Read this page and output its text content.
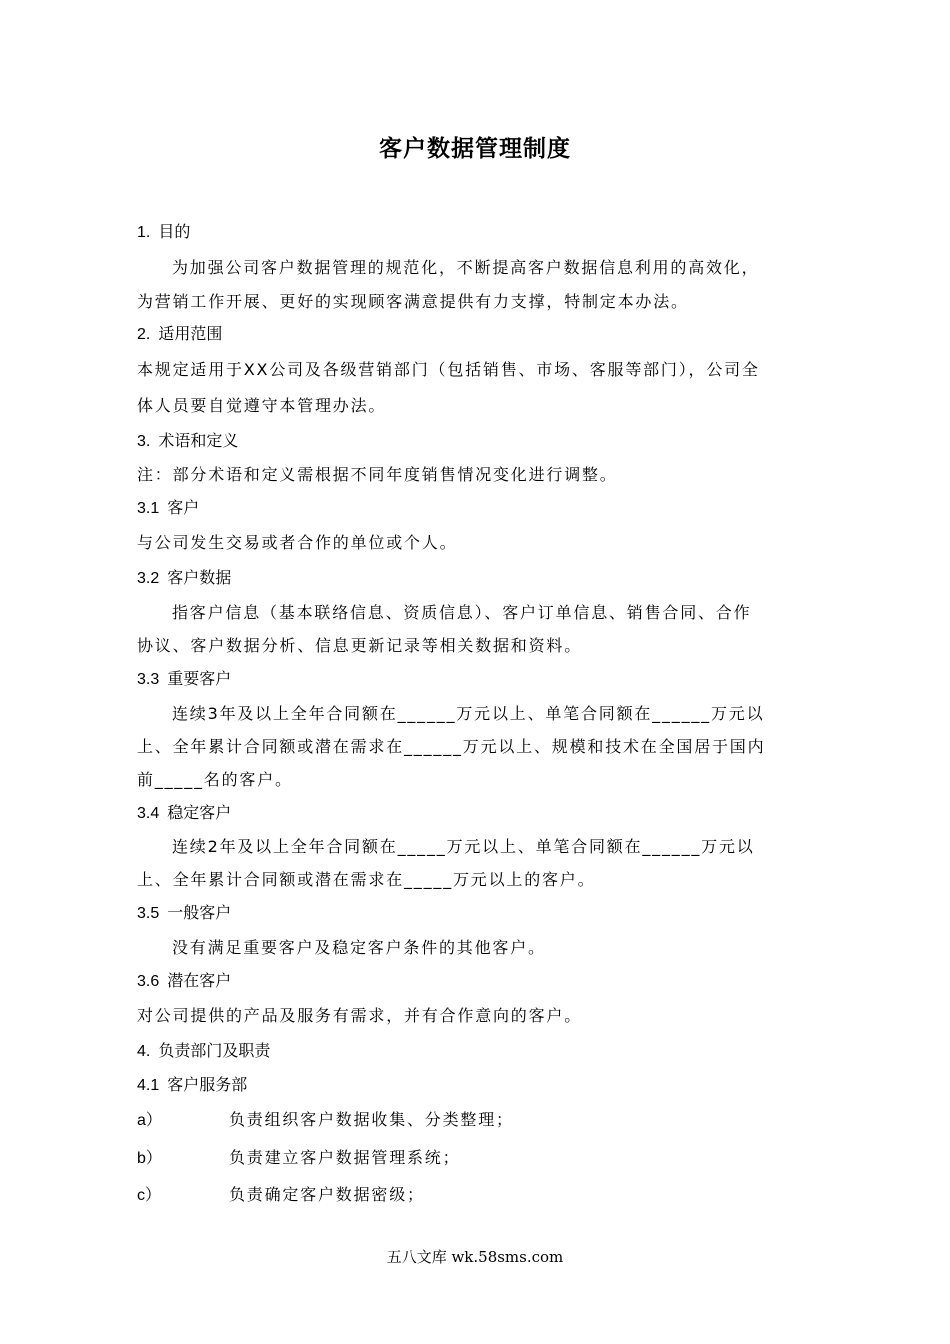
客户数据管理制度
1. 目的
为加强公司客户数据管理的规范化，不断提高客户数据信息利用的高效化，
为营销工作开展、更好的实现顾客满意提供有力支撑，特制定本办法。
2. 适用范围
本规定适用于XX公司及各级营销部门（包括销售、市场、客服等部门），公司全
体人员要自觉遵守本管理办法。
3. 术语和定义
注：部分术语和定义需根据不同年度销售情况变化进行调整。
3.1 客户
与公司发生交易或者合作的单位或个人。
3.2 客户数据
指客户信息（基本联络信息、资质信息）、客户订单信息、销售合同、合作
协议、客户数据分析、信息更新记录等相关数据和资料。
3.3 重要客户
连续3年及以上全年合同额在______万元以上、单笔合同额在______万元以
上、全年累计合同额或潜在需求在______万元以上、规模和技术在全国居于国内
前_____名的客户。
3.4 稳定客户
连续2年及以上全年合同额在_____万元以上、单笔合同额在______万元以
上、全年累计合同额或潜在需求在_____万元以上的客户。
3.5 一般客户
没有满足重要客户及稳定客户条件的其他客户。
3.6 潜在客户
对公司提供的产品及服务有需求，并有合作意向的客户。
4. 负责部门及职责
4.1 客户服务部
a）	负责组织客户数据收集、分类整理；
b）	负责建立客户数据管理系统；
c）	负责确定客户数据密级；
五八文库 wk.58sms.com
